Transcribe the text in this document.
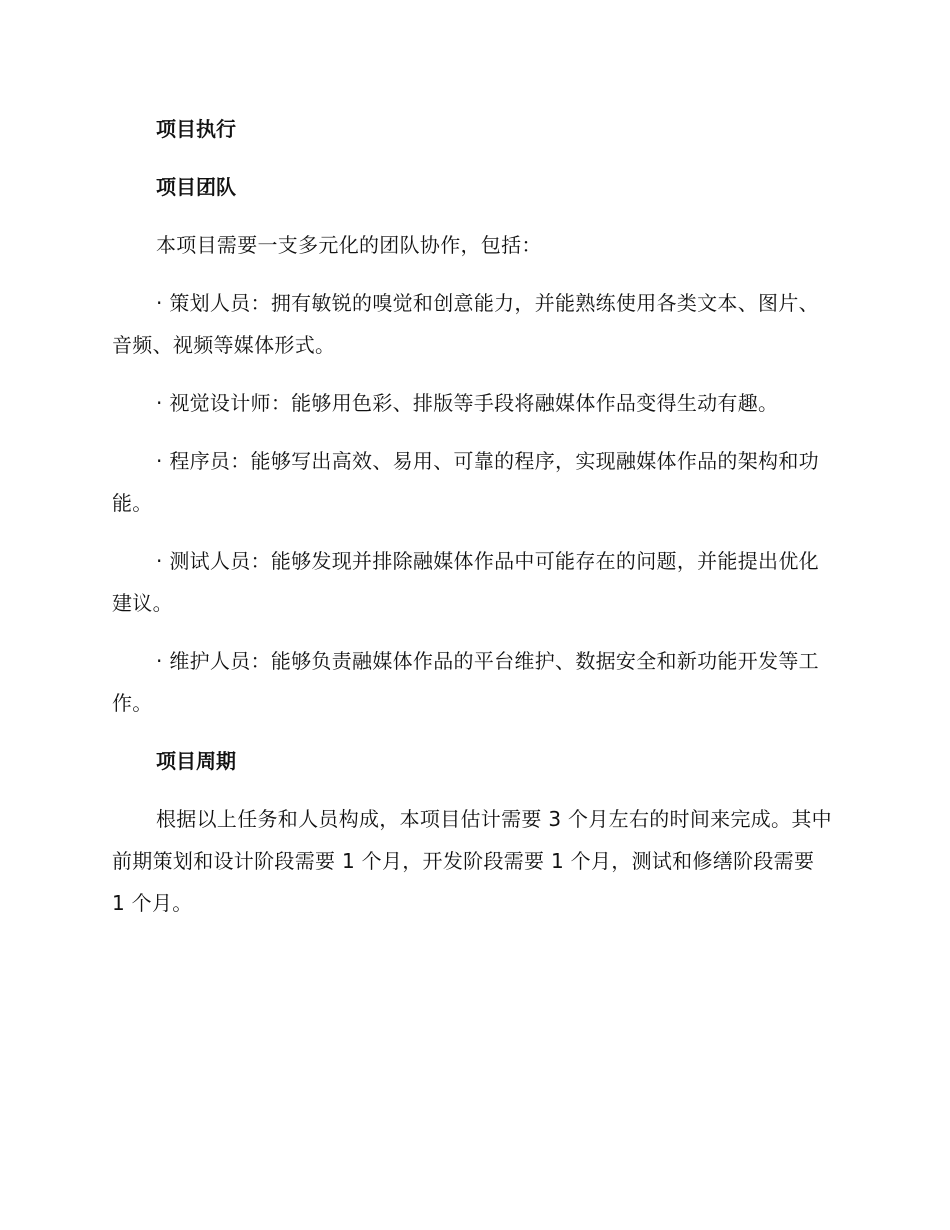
项目执行
项目团队
本项目需要一支多元化的团队协作，包括：
· 策划人员：拥有敏锐的嗅觉和创意能力，并能熟练使用各类文本、图片、音频、视频等媒体形式。
· 视觉设计师：能够用色彩、排版等手段将融媒体作品变得生动有趣。
· 程序员：能够写出高效、易用、可靠的程序，实现融媒体作品的架构和功能。
· 测试人员：能够发现并排除融媒体作品中可能存在的问题，并能提出优化建议。
· 维护人员：能够负责融媒体作品的平台维护、数据安全和新功能开发等工作。
项目周期
根据以上任务和人员构成，本项目估计需要 3 个月左右的时间来完成。其中前期策划和设计阶段需要 1 个月，开发阶段需要 1 个月，测试和修缮阶段需要 1 个月。
